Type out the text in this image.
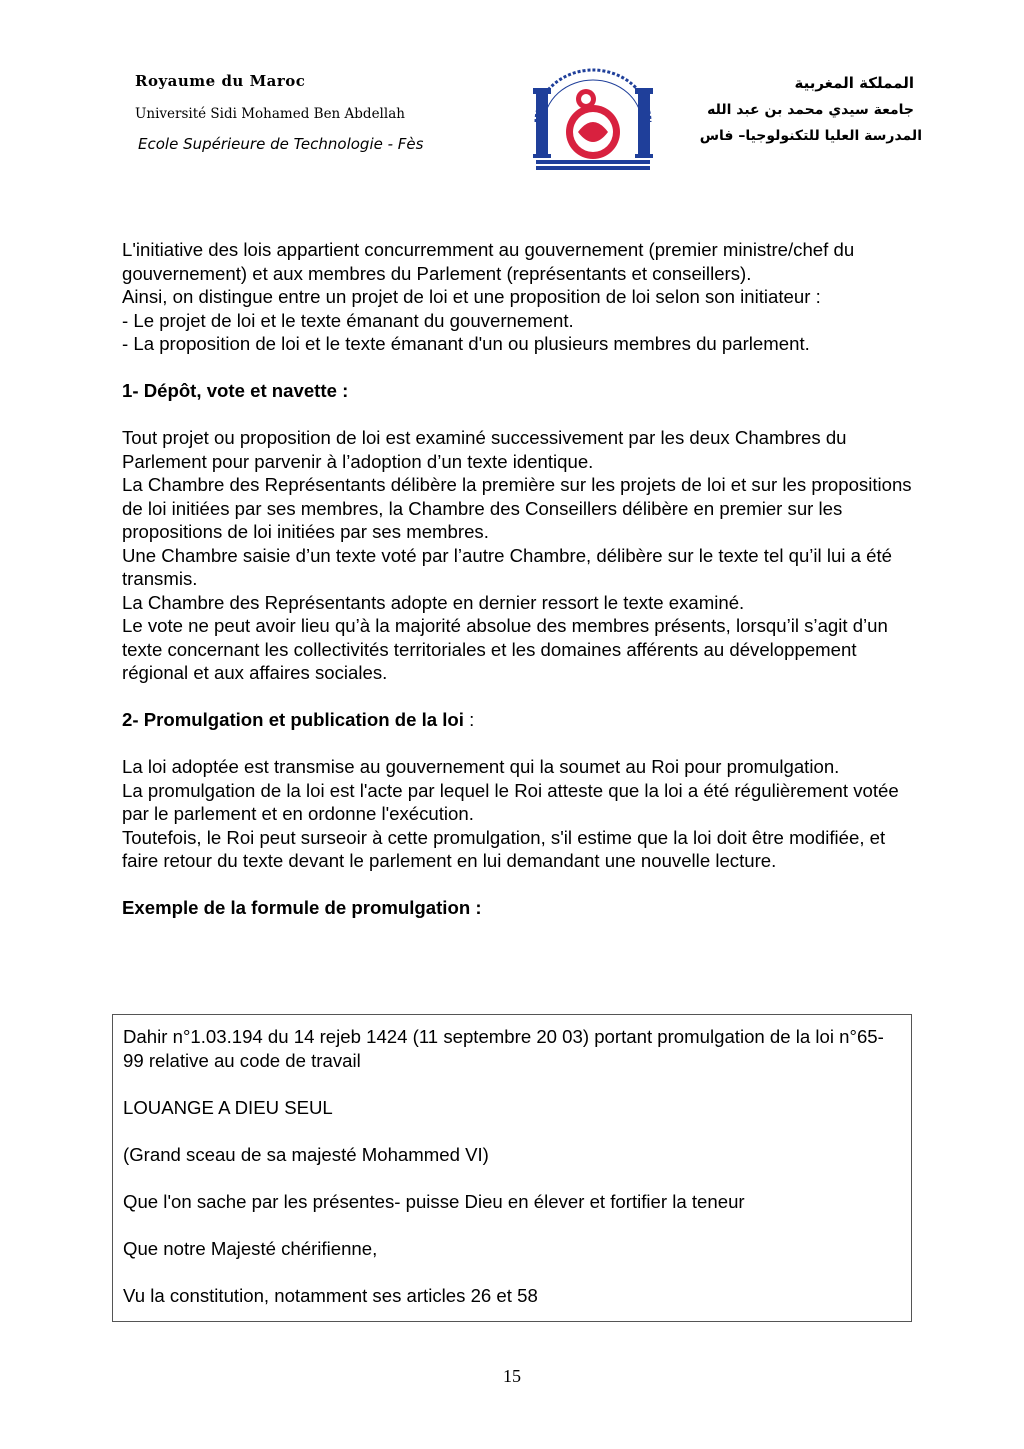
Royaume du Maroc
Université Sidi Mohamed Ben Abdellah
Ecole Supérieure de Technologie - Fès
المملكة المغربية
جامعة سيدي محمد بن عبد الله
المدرسة العليا للتكنولوجيا– فاس

L'initiative des lois appartient concurremment au gouvernement (premier ministre/chef du gouvernement) et aux membres du Parlement (représentants et conseillers).

Ainsi, on distingue entre un projet de loi et une proposition de loi selon son initiateur :

- Le projet de loi et le texte émanant du gouvernement.

- La proposition de loi et le texte émanant d'un ou plusieurs membres du parlement.

1- Dépôt, vote et navette :

Tout projet ou proposition de loi est examiné successivement par les deux Chambres du Parlement pour parvenir à l’adoption d’un texte identique.

La Chambre des Représentants délibère la première sur les projets de loi et sur les propositions de loi initiées par ses membres, la Chambre des Conseillers délibère en premier sur les propositions de loi initiées par ses membres.

Une Chambre saisie d’un texte voté par l’autre Chambre, délibère sur le texte tel qu’il lui a été transmis.

La Chambre des Représentants adopte en dernier ressort le texte examiné.

Le vote ne peut avoir lieu qu’à la majorité absolue des membres présents, lorsqu’il s’agit d’un texte concernant les collectivités territoriales et les domaines afférents au développement régional et aux affaires sociales.

2- Promulgation et publication de la loi :

La loi adoptée est transmise au gouvernement qui la soumet au Roi pour promulgation.

La promulgation de la loi est l'acte par lequel le Roi atteste que la loi a été régulièrement votée par le parlement et en ordonne l'exécution.

Toutefois, le Roi peut surseoir à cette promulgation, s'il estime que la loi doit être modifiée, et faire retour du texte devant le parlement en lui demandant une nouvelle lecture.

Exemple de la formule de promulgation :

Dahir n°1.03.194 du 14 rejeb 1424 (11 septembre 20 03) portant promulgation de la loi n°65-99 relative au code de travail

LOUANGE A DIEU SEUL

(Grand sceau de sa majesté Mohammed VI)

Que l'on sache par les présentes- puisse Dieu en élever et fortifier la teneur

Que notre Majesté chérifienne,

Vu la constitution, notamment ses articles 26 et 58

15
